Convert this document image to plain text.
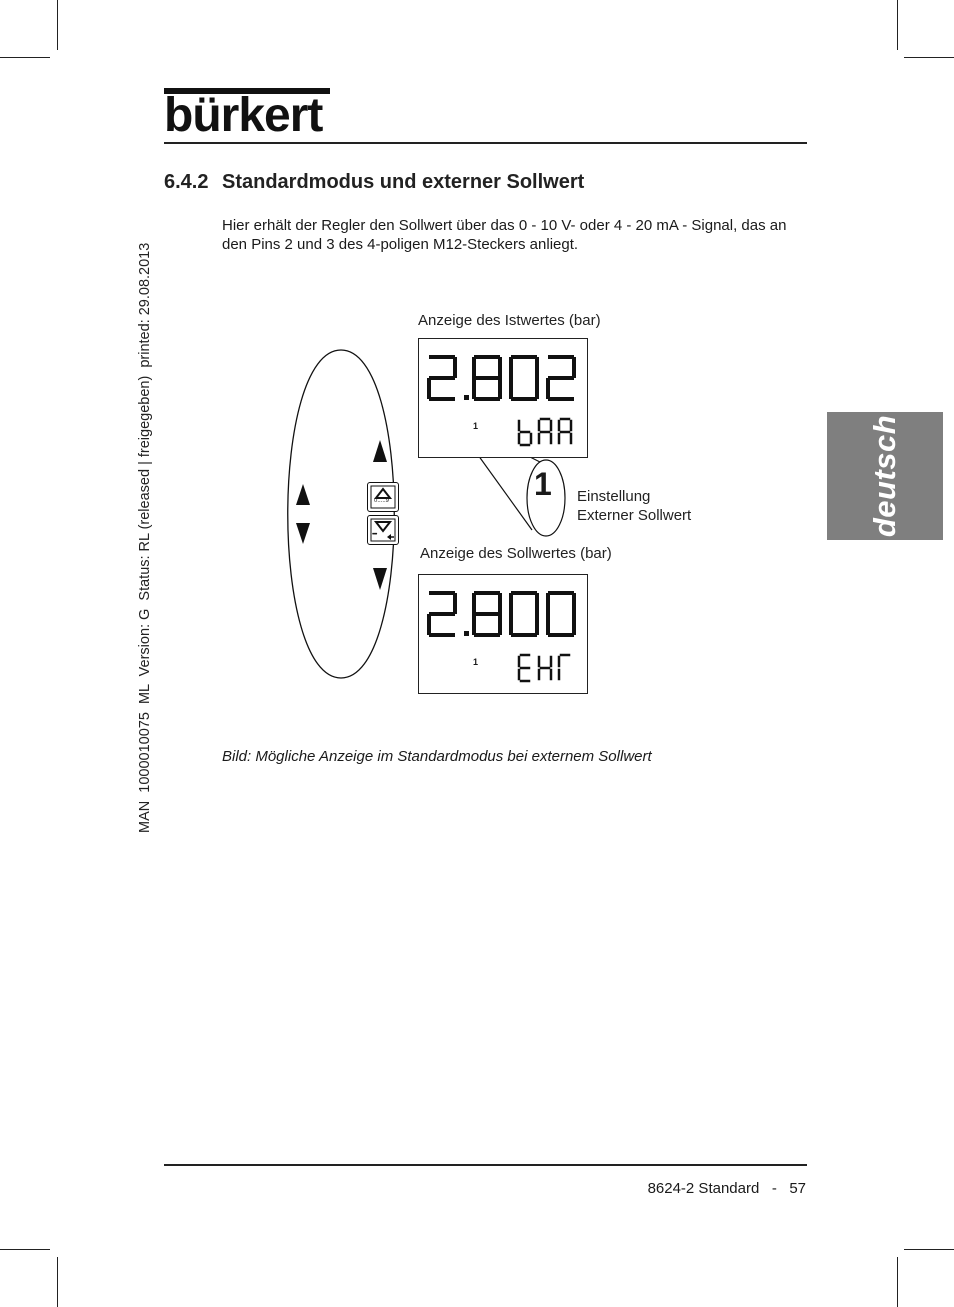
bürkert
MAN  1000010075  ML  Version: G  Status: RL (released | freigegeben)  printed: 29.08.2013
6.4.2 Standardmodus und externer Sollwert
Hier erhält der Regler den Sollwert über das 0 - 10 V- oder 4 - 20 mA - Signal, das an den Pins 2 und 3 des 4-poligen M12-Steckers anliegt.
Anzeige des Istwertes (bar)
Anzeige des Sollwertes (bar)
Einstellung
Externer Sollwert
1
0.....9
••••
1
1
Bild: Mögliche Anzeige im Standardmodus bei externem Sollwert
deutsch
8624-2 Standard   -   57
